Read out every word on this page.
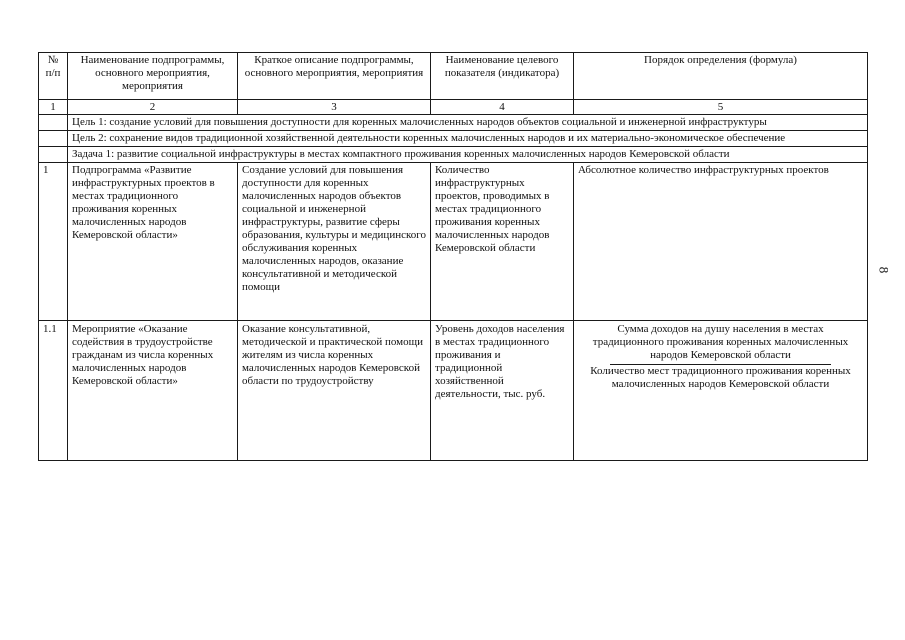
№ п/п	Наименование подпрограммы, основного мероприятия, мероприятия	Краткое описание подпрограммы, основного мероприятия, мероприятия	Наименование целевого показателя (индикатора)	Порядок определения (формула)
1	2	3	4	5
	Цель 1: создание условий для повышения доступности для коренных малочисленных народов объектов социальной и инженерной инфраструктуры			
	Цель 2: сохранение видов традиционной хозяйственной деятельности коренных малочисленных народов и их материально-экономическое обеспечение			
	Задача 1: развитие социальной инфраструктуры в местах компактного проживания коренных малочисленных народов Кемеровской области			
1	Подпрограмма «Развитие инфраструктурных проектов в местах традиционного проживания коренных малочисленных народов Кемеровской области»	Создание условий для повышения доступности для коренных малочисленных народов объектов социальной и инженерной инфраструктуры, развитие сферы образования, культуры и медицинского обслуживания коренных малочисленных народов, оказание консультативной и методической помощи	Количество инфраструктурных проектов, проводимых в местах традиционного проживания коренных малочисленных народов Кемеровской области	Абсолютное количество инфраструктурных проектов
1.1	Мероприятие «Оказание содействия в трудоустройстве гражданам из числа коренных малочисленных народов Кемеровской области»	Оказание консультативной, методической и практической помощи жителям из числа коренных малочисленных народов Кемеровской области по трудоустройству	Уровень доходов населения в местах традиционного проживания и традиционной хозяйственной деятельности, тыс. руб.	Сумма доходов на душу населения в местах традиционного проживания коренных малочисленных народов Кемеровской области
Количество мест традиционного проживания коренных малочисленных народов Кемеровской области
8
